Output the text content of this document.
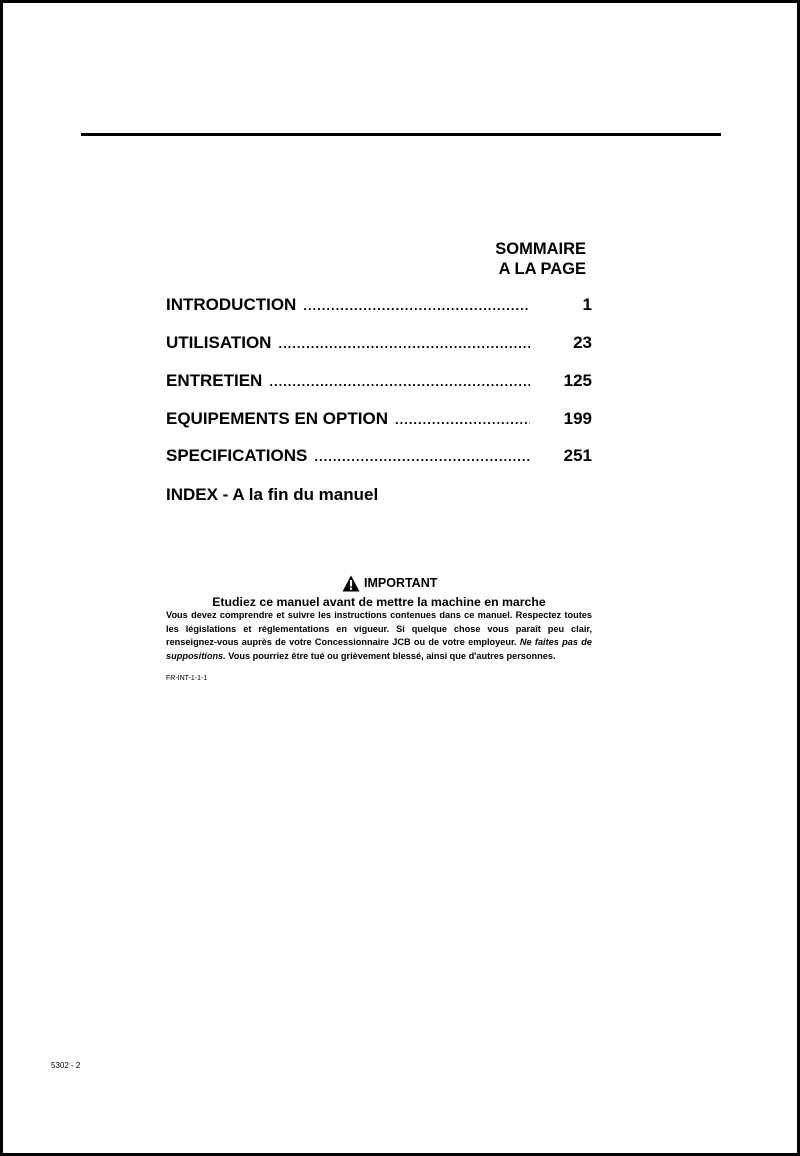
SOMMAIRE
A LA PAGE
INTRODUCTION .....	1
UTILISATION .....	23
ENTRETIEN .....	125
EQUIPEMENTS EN OPTION .....	199
SPECIFICATIONS .....	251
INDEX - A la fin du manuel
IMPORTANT
Etudiez ce manuel avant de mettre la machine en marche
Vous devez comprendre et suivre les instructions contenues dans ce manuel. Respectez toutes les législations et réglementations en vigueur. Si quelque chose vous paraît peu clair, renseignez-vous auprès de votre Concessionnaire JCB ou de votre employeur. Ne faites pas de suppositions. Vous pourriez être tué ou grièvement blessé, ainsi que d'autres personnes.
FR-INT-1-1-1
5302 - 2
